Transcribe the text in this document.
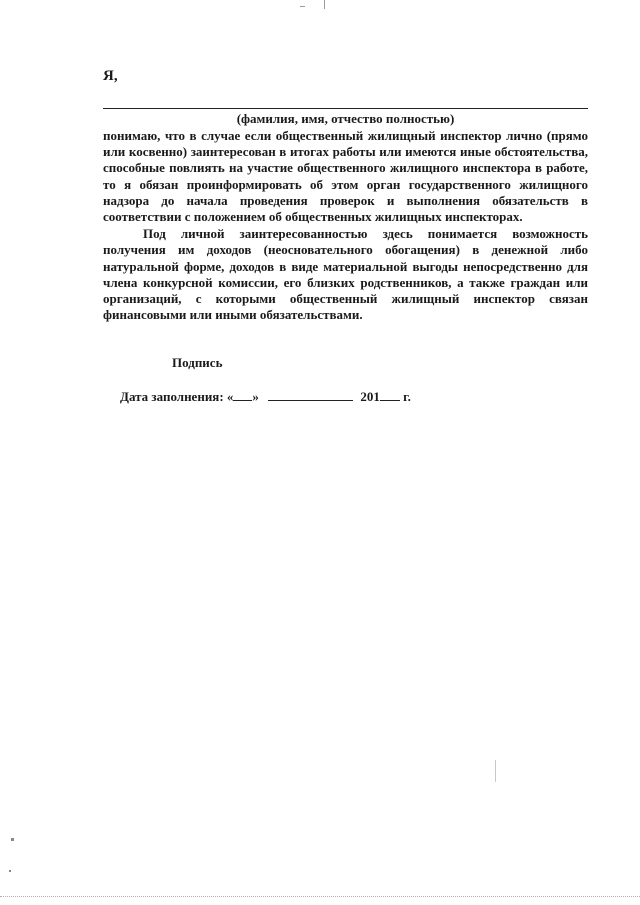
Я,
(фамилия, имя, отчество полностью)

понимаю, что в случае если общественный жилищный инспектор лично (прямо или косвенно) заинтересован в итогах работы или имеются иные обстоятельства, способные повлиять на участие общественного жилищного инспектора в работе, то я обязан проинформировать об этом орган государственного жилищного надзора до начала проведения проверок и выполнения обязательств в соответствии с положением об общественных жилищных инспекторах.

Под личной заинтересованностью здесь понимается возможность получения им доходов (неосновательного обогащения) в денежной либо натуральной форме, доходов в виде материальной выгоды непосредственно для члена конкурсной комиссии, его близких родственников, а также граждан или организаций, с которыми общественный жилищный инспектор связан финансовыми или иными обязательствами.

Подпись
Дата заполнения: « »	201 г.
